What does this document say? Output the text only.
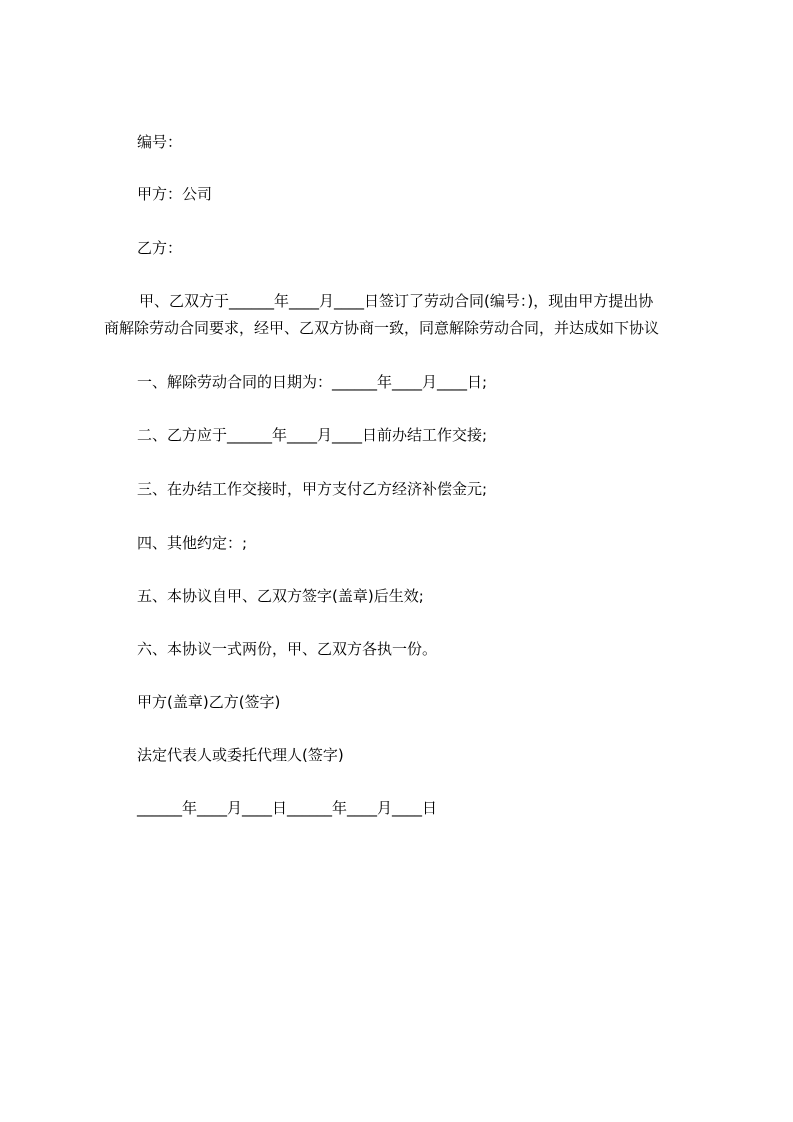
编号：
甲方：公司
乙方：
甲、乙双方于______年____月____日签订了劳动合同(编号：)，现由甲方提出协
商解除劳动合同要求，经甲、乙双方协商一致，同意解除劳动合同，并达成如下协议
一、解除劳动合同的日期为：______年____月____日;
二、乙方应于______年____月____日前办结工作交接;
三、在办结工作交接时，甲方支付乙方经济补偿金元;
四、其他约定：;
五、本协议自甲、乙双方签字(盖章)后生效;
六、本协议一式两份，甲、乙双方各执一份。
甲方(盖章)乙方(签字)
法定代表人或委托代理人(签字)
______年____月____日______年____月____日
